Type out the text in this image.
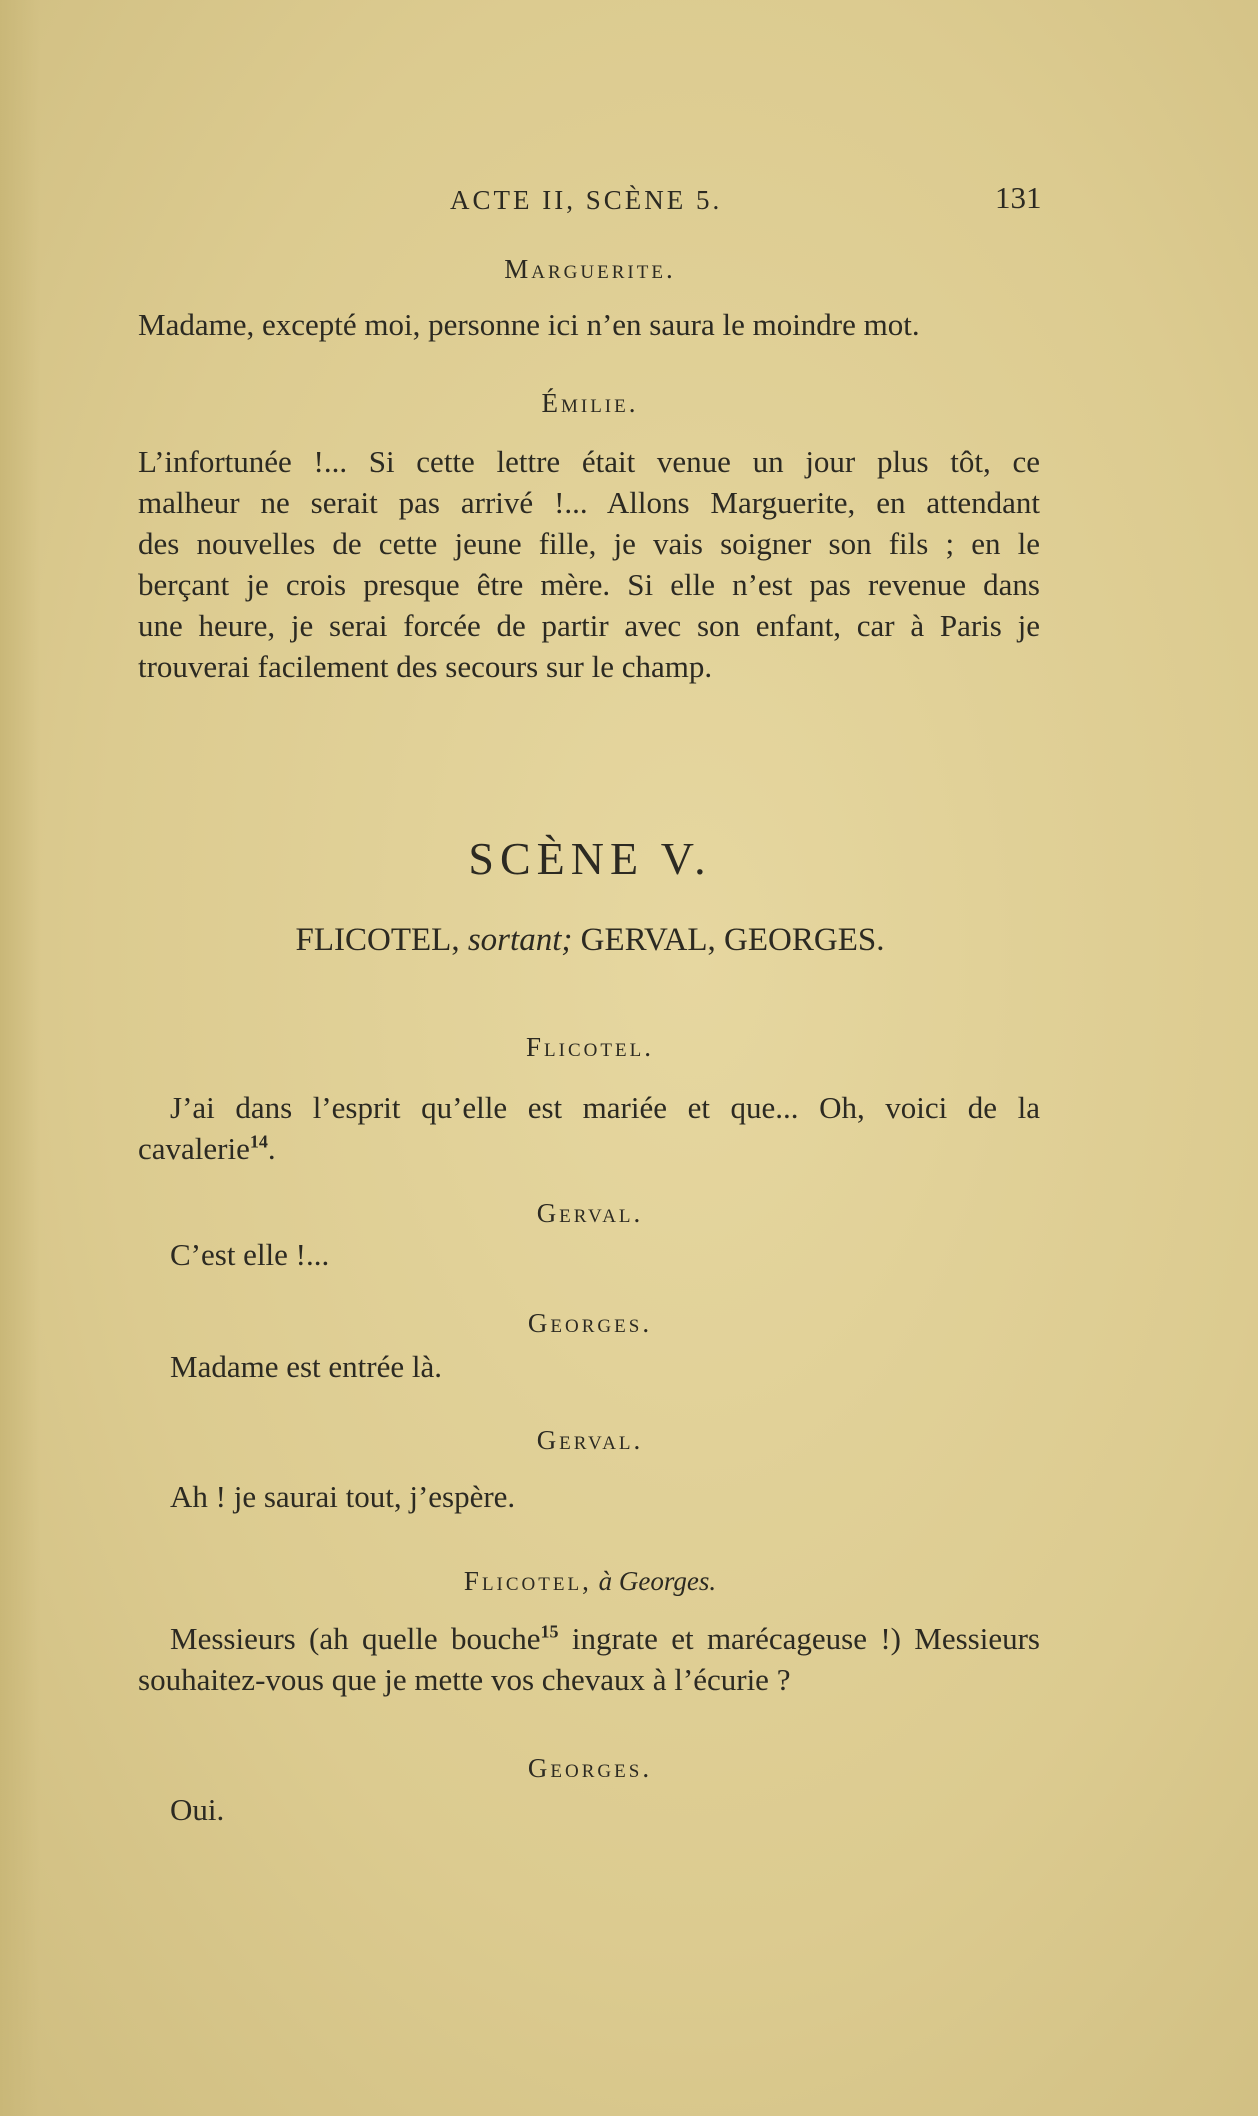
ACTE II, SCÈNE 5.	131
Marguerite.
Madame, excepté moi, personne ici n’en saura le moindre mot.
Émilie.
L’infortunée !... Si cette lettre était venue un jour plus tôt, ce
malheur ne serait pas arrivé !... Allons Marguerite, en attendant
des nouvelles de cette jeune fille, je vais soigner son fils ; en le
berçant je crois presque être mère. Si elle n’est pas revenue dans
une heure, je serai forcée de partir avec son enfant, car à Paris je
trouverai facilement des secours sur le champ.
SCÈNE V.
FLICOTEL, sortant; GERVAL, GEORGES.
Flicotel.
J’ai dans l’esprit qu’elle est mariée et que... Oh, voici de la
cavalerie$^{14}$.
Gerval.
C’est elle !...
Georges.
Madame est entrée là.
Gerval.
Ah ! je saurai tout, j’espère.
Flicotel, à Georges.
Messieurs (ah quelle bouche$^{15}$ ingrate et marécageuse !) Messieurs
souhaitez-vous que je mette vos chevaux à l’écurie ?
Georges.
Oui.
